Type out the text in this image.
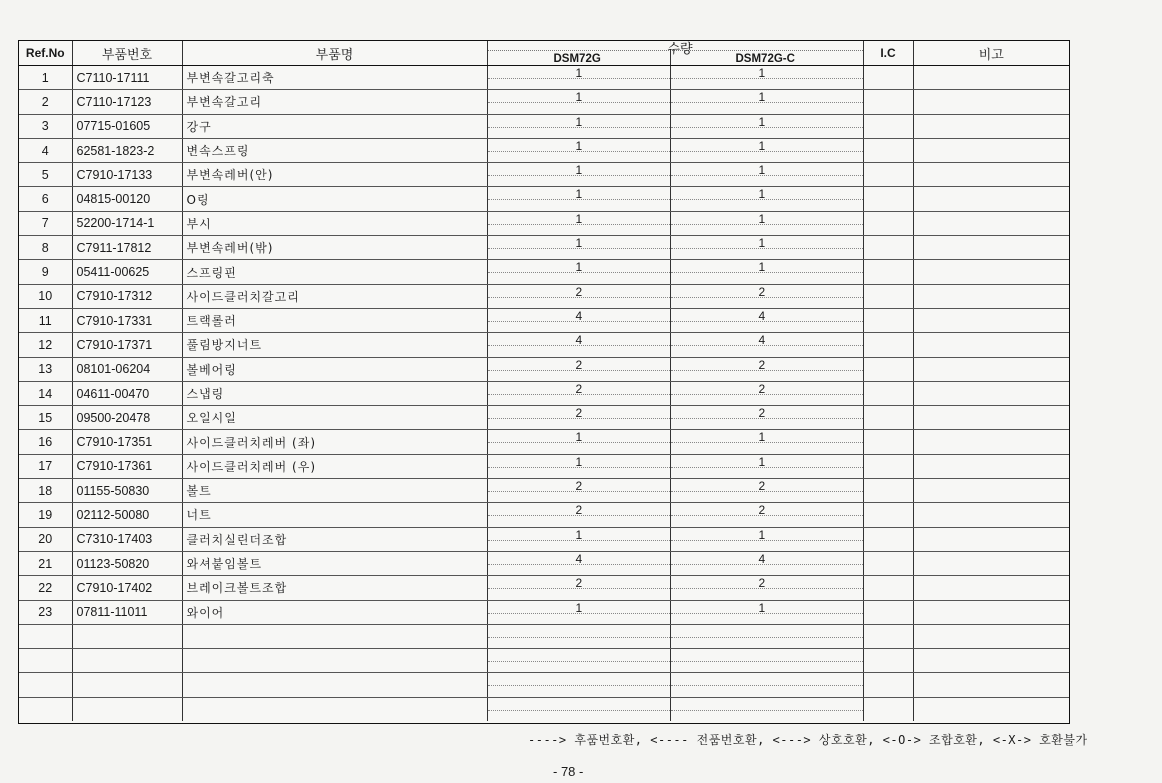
Ref.No	부품번호	부품명	수량
DSM72G DSM72G-C		I.C	비고
1	C7110-17111	부변속갈고리축	1	1		

2	C7110-17123	부변속갈고리	1	1		

3	07715-01605	강구	1	1		

4	62581-1823-2	변속스프링	1	1		

5	C7910-17133	부변속레버(안)	1	1		

6	04815-00120	O링	1	1		

7	52200-1714-1	부시	1	1		

8	C7911-17812	부변속레버(밖)	1	1		

9	05411-00625	스프링핀	1	1		

10	C7910-17312	사이드클러치갈고리	2	2		

11	C7910-17331	트랙롤러	4	4		

12	C7910-17371	풀림방지너트	4	4		

13	08101-06204	볼베어링	2	2		

14	04611-00470	스냅링	2	2		

15	09500-20478	오일시일	2	2		

16	C7910-17351	사이드클러치레버 (좌)	1	1		

17	C7910-17361	사이드클러치레버 (우)	1	1		

18	01155-50830	볼트	2	2		

19	02112-50080	너트	2	2		

20	C7310-17403	클러치실린더조합	1	1		

21	01123-50820	와셔붙임볼트	4	4		

22	C7910-17402	브레이크볼트조합	2	2		

23	07811-11011	와이어	1	1		

----> 후품번호환, <---- 전품번호환, <---> 상호호환, <-O-> 조합호환, <-X-> 호환불가
- 78 -
